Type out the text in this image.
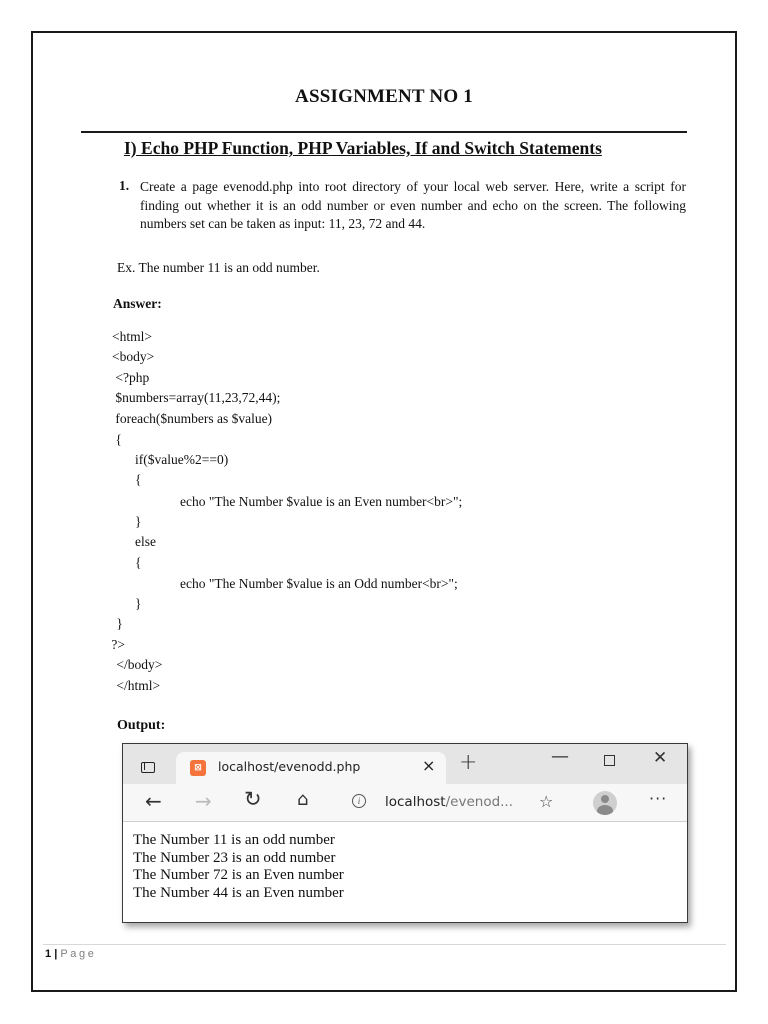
ASSIGNMENT NO 1
I) Echo PHP Function, PHP Variables, If and Switch Statements
1. Create a page evenodd.php into root directory of your local web server. Here, write a script for finding out whether it is an odd number or even number and echo on the screen. The following numbers set can be taken as input: 11, 23, 72 and 44.
Ex. The number 11 is an odd number.
Answer:
<html>
<body>
<?php
$numbers=array(11,23,72,44);
foreach($numbers as $value)
{
if($value%2==0)
{
echo "The Number $value is an Even number<br>";
}
else
{
echo "The Number $value is an Odd number<br>";
}
}
?>
</body>
</html>
Output:
⊠	localhost/evenodd.php	× +	—	✕
← → ↻ ⌂	i	localhost/evenod... ☆	···
The Number 11 is an odd number
The Number 23 is an odd number
The Number 72 is an Even number
The Number 44 is an Even number
1 | Page
